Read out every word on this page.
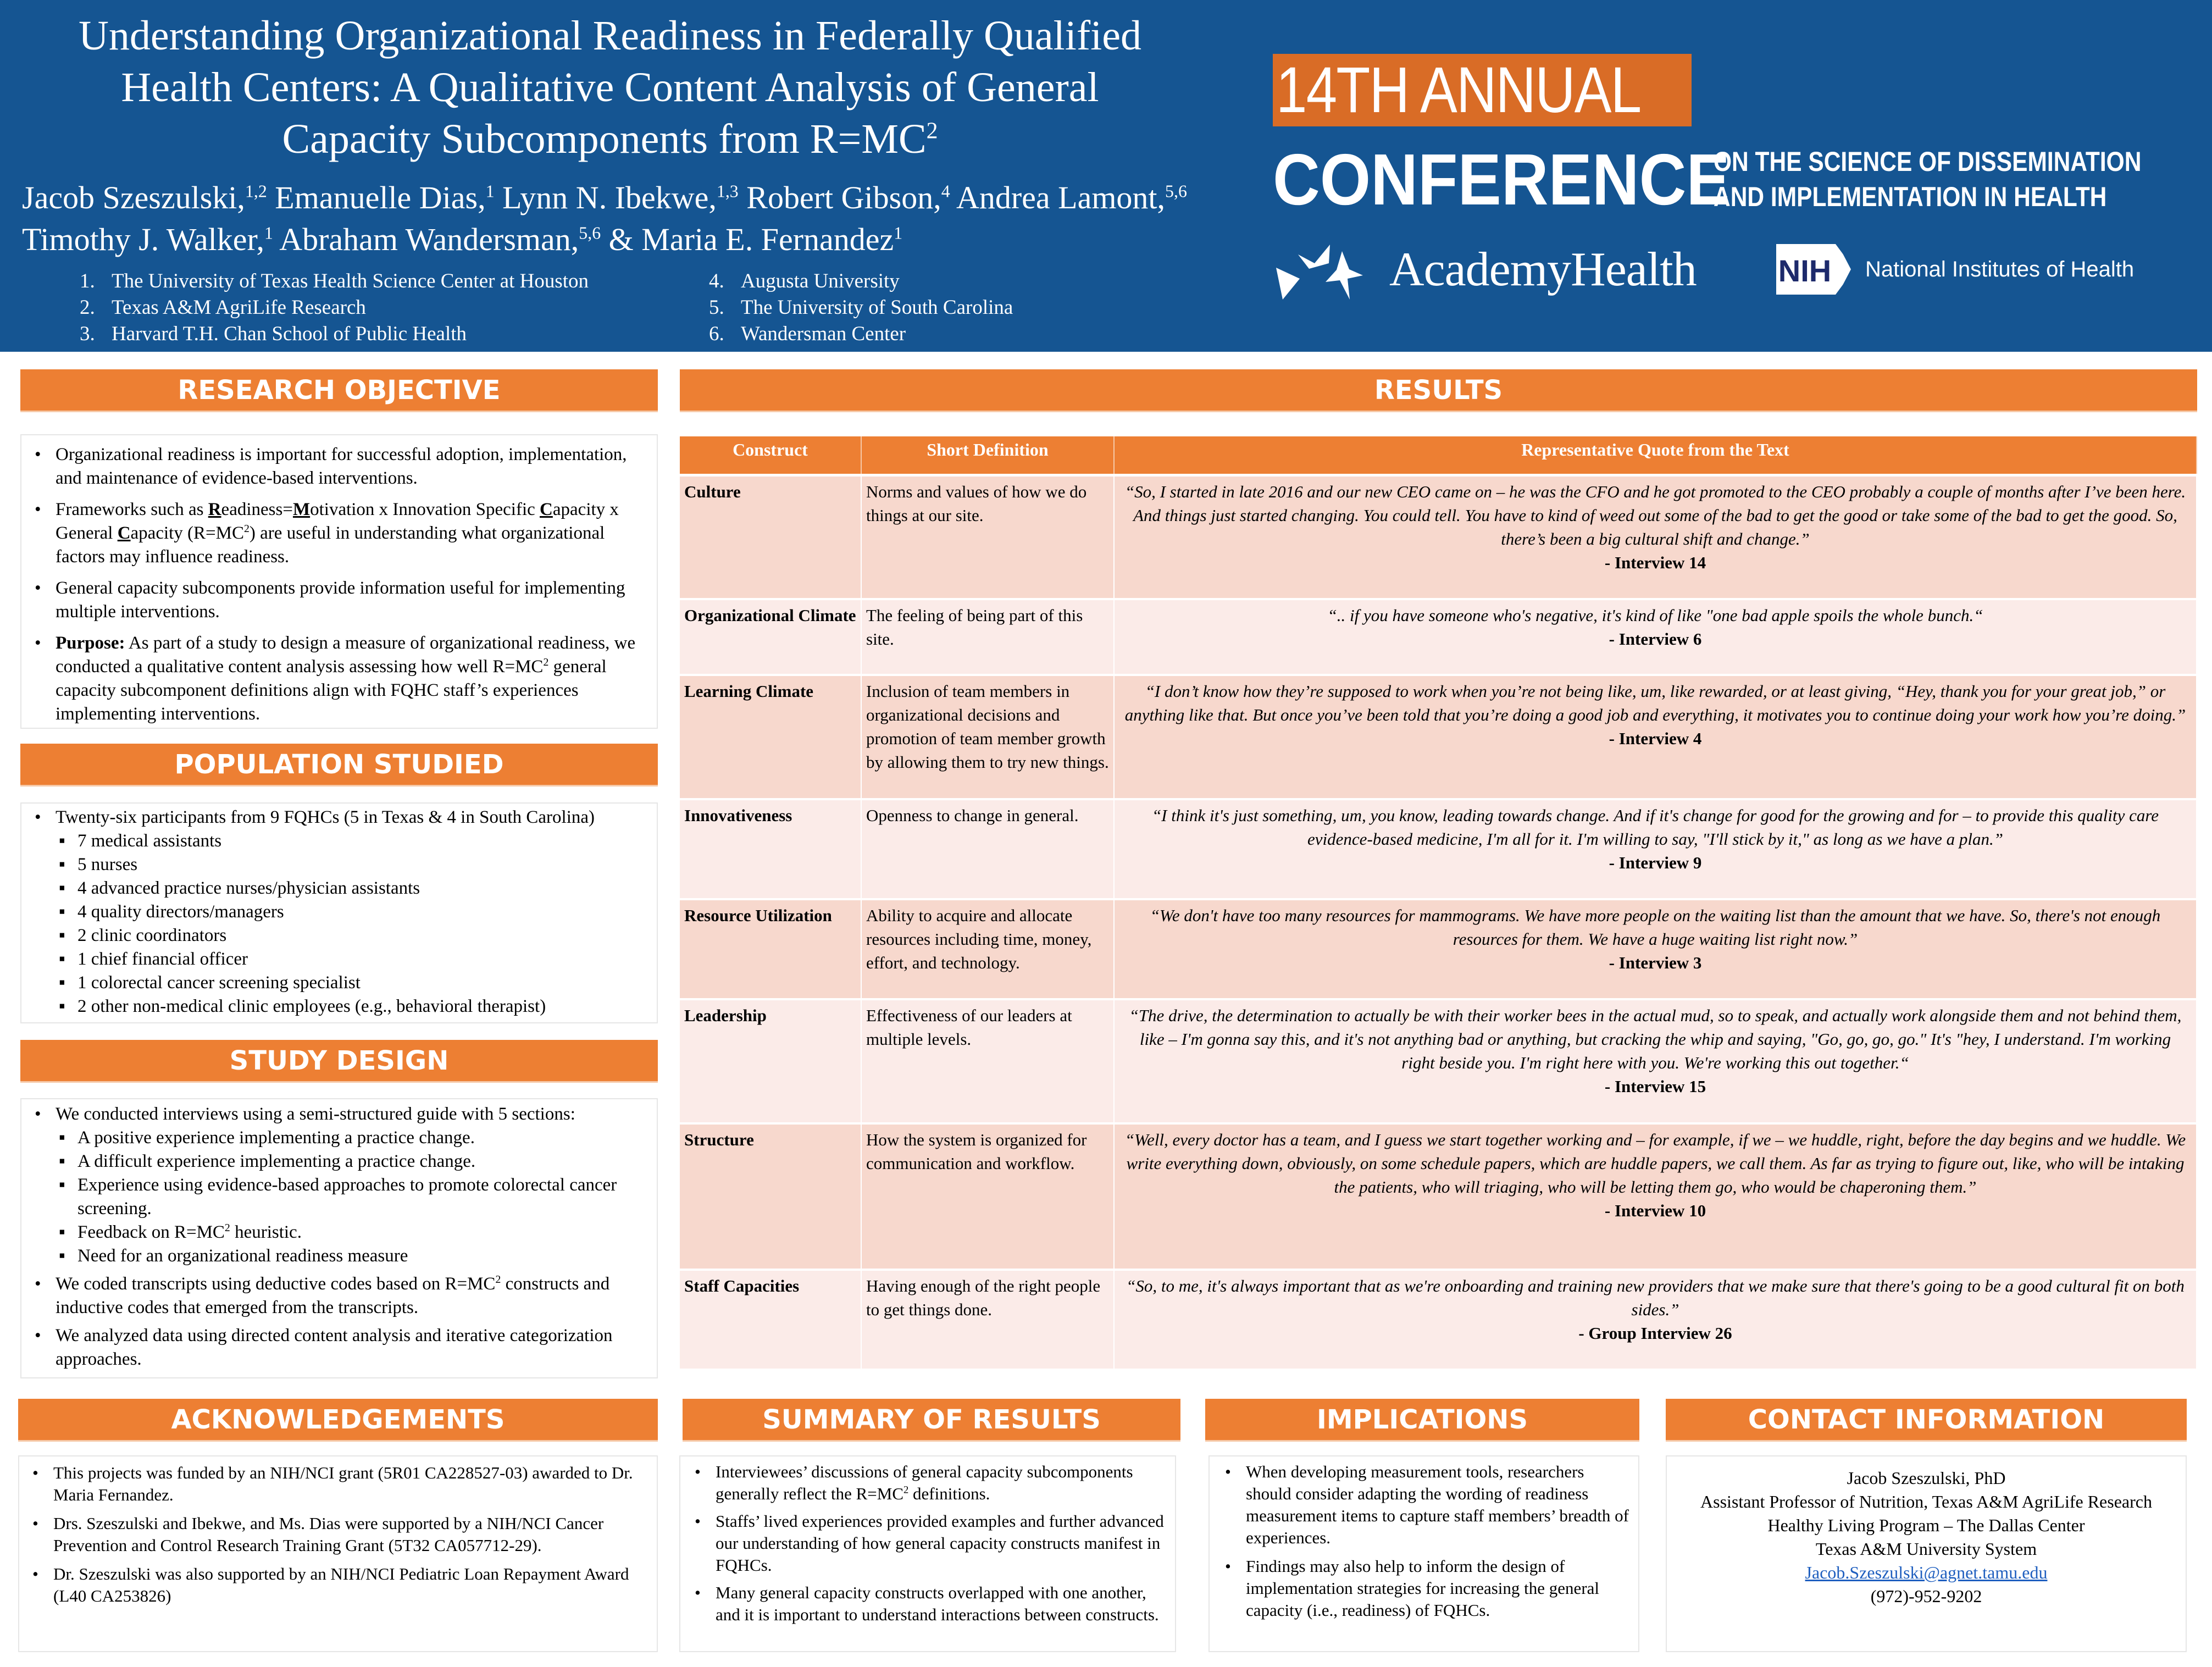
Understanding Organizational Readiness in Federally Qualified
Health Centers: A Qualitative Content Analysis of General
Capacity Subcomponents from $R=MC^2$
Jacob Szeszulski,$^{1,2}$ Emanuelle Dias,$^1$ Lynn N. Ibekwe,$^{1,3}$ Robert Gibson,$^4$ Andrea Lamont,$^{5,6}$
Timothy J. Walker,$^1$ Abraham Wandersman,$^{5,6}$ & Maria E. Fernandez$^1$
1. The University of Texas Health Science Center at Houston
2. Texas A&M AgriLife Research
3. Harvard T.H. Chan School of Public Health
4. Augusta University
5. The University of South Carolina
6. Wandersman Center
14TH ANNUAL
CONFERENCE
ON THE SCIENCE OF DISSEMINATION
AND IMPLEMENTATION IN HEALTH
AcademyHealth	NIH National Institutes of Health
RESEARCH OBJECTIVE
• Organizational readiness is important for successful adoption, implementation, and maintenance of evidence-based interventions.
• Frameworks such as Readiness=Motivation x Innovation Specific Capacity x General Capacity $(R=MC^2)$ are useful in understanding what organizational factors may influence readiness.
• General capacity subcomponents provide information useful for implementing multiple interventions.
• Purpose: As part of a study to design a measure of organizational readiness, we conducted a qualitative content analysis assessing how well $R=MC^2$ general capacity subcomponent definitions align with FQHC staff’s experiences implementing interventions.
POPULATION STUDIED
• Twenty-six participants from 9 FQHCs (5 in Texas & 4 in South Carolina)
▪ 7 medical assistants
▪ 5 nurses
▪ 4 advanced practice nurses/physician assistants
▪ 4 quality directors/managers
▪ 2 clinic coordinators
▪ 1 chief financial officer
▪ 1 colorectal cancer screening specialist
▪ 2 other non-medical clinic employees (e.g., behavioral therapist)
STUDY DESIGN
• We conducted interviews using a semi-structured guide with 5 sections:
▪ A positive experience implementing a practice change.
▪ A difficult experience implementing a practice change.
▪ Experience using evidence-based approaches to promote colorectal cancer screening.
▪ Feedback on $R=MC^2$ heuristic.
▪ Need for an organizational readiness measure
• We coded transcripts using deductive codes based on $R=MC^2$ constructs and inductive codes that emerged from the transcripts.
• We analyzed data using directed content analysis and iterative categorization approaches.
RESULTS
Construct	Short Definition	Representative Quote from the Text
Culture	Norms and values of how we do things at our site.	“So, I started in late 2016 and our new CEO came on – he was the CFO and he got promoted to the CEO probably a couple of months after I’ve been here. And things just started changing. You could tell. You have to kind of weed out some of the bad to get the good or take some of the bad to get the good. So, there’s been a big cultural shift and change.”
- Interview 14

Organizational Climate	The feeling of being part of this site.	“.. if you have someone who's negative, it's kind of like "one bad apple spoils the whole bunch.“
- Interview 6

Learning Climate	Inclusion of team members in organizational decisions and promotion of team member growth by allowing them to try new things.	“I don’t know how they’re supposed to work when you’re not being like, um, like rewarded, or at least giving, “Hey, thank you for your great job,” or anything like that. But once you’ve been told that you’re doing a good job and everything, it motivates you to continue doing your work how you’re doing.”
- Interview 4

Innovativeness	Openness to change in general.	“I think it's just something, um, you know, leading towards change. And if it's change for good for the growing and for – to provide this quality care evidence-based medicine, I'm all for it. I'm willing to say, "I'll stick by it," as long as we have a plan.”
- Interview 9

Resource Utilization	Ability to acquire and allocate resources including time, money, effort, and technology.	“We don't have too many resources for mammograms. We have more people on the waiting list than the amount that we have. So, there's not enough resources for them. We have a huge waiting list right now.”
- Interview 3

Leadership	Effectiveness of our leaders at multiple levels.	“The drive, the determination to actually be with their worker bees in the actual mud, so to speak, and actually work alongside them and not behind them, like – I'm gonna say this, and it's not anything bad or anything, but cracking the whip and saying, "Go, go, go, go." It's "hey, I understand. I'm working right beside you. I'm right here with you. We're working this out together.“
- Interview 15

Structure	How the system is organized for communication and workflow.	“Well, every doctor has a team, and I guess we start together working and – for example, if we – we huddle, right, before the day begins and we huddle. We write everything down, obviously, on some schedule papers, which are huddle papers, we call them. As far as trying to figure out, like, who will be intaking the patients, who will triaging, who will be letting them go, who would be chaperoning them.”
- Interview 10

Staff Capacities	Having enough of the right people to get things done.	“So, to me, it's always important that as we're onboarding and training new providers that we make sure that there's going to be a good cultural fit on both sides.”
- Group Interview 26
ACKNOWLEDGEMENTS
• This projects was funded by an NIH/NCI grant (5R01 CA228527-03) awarded to Dr. Maria Fernandez.
• Drs. Szeszulski and Ibekwe, and Ms. Dias were supported by a NIH/NCI Cancer Prevention and Control Research Training Grant (5T32 CA057712-29).
• Dr. Szeszulski was also supported by an NIH/NCI Pediatric Loan Repayment Award (L40 CA253826)
SUMMARY OF RESULTS
• Interviewees’ discussions of general capacity subcomponents generally reflect the $R=MC^2$ definitions.
• Staffs’ lived experiences provided examples and further advanced our understanding of how general capacity constructs manifest in FQHCs.
• Many general capacity constructs overlapped with one another, and it is important to understand interactions between constructs.
IMPLICATIONS
• When developing measurement tools, researchers should consider adapting the wording of readiness measurement items to capture staff members’ breadth of experiences.
• Findings may also help to inform the design of implementation strategies for increasing the general capacity (i.e., readiness) of FQHCs.
CONTACT INFORMATION
Jacob Szeszulski, PhD
Assistant Professor of Nutrition, Texas A&M AgriLife Research
Healthy Living Program – The Dallas Center
Texas A&M University System
Jacob.Szeszulski@agnet.tamu.edu
(972)-952-9202
